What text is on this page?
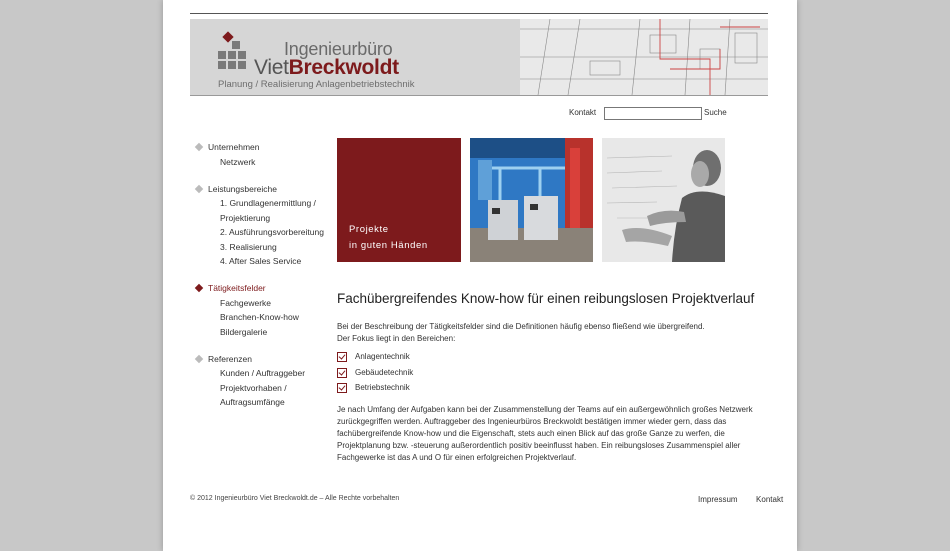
Ingenieurbüro
VietBreckwoldt
Planung / Realisierung Anlagenbetriebstechnik
Kontakt	Suche
Unternehmen
Netzwerk
Leistungsbereiche
1. Grundlagenermittlung /
Projektierung
2. Ausführungsvorbereitung
3. Realisierung
4. After Sales Service
Tätigkeitsfelder
Fachgewerke
Branchen-Know-how
Bildergalerie
Referenzen
Kunden / Auftraggeber
Projektvorhaben /
Auftragsumfänge
Projekte
in guten Händen
Fachübergreifendes Know-how für einen reibungslosen Projektverlauf
Bei der Beschreibung der Tätigkeitsfelder sind die Definitionen häufig ebenso fließend wie übergreifend.
Der Fokus liegt in den Bereichen:
Anlagentechnik
Gebäudetechnik
Betriebstechnik
Je nach Umfang der Aufgaben kann bei der Zusammenstellung der Teams auf ein außergewöhnlich großes Netzwerk
zurückgegriffen werden. Auftraggeber des Ingenieurbüros Breckwoldt bestätigen immer wieder gern, dass das
fachübergreifende Know-how und die Eigenschaft, stets auch einen Blick auf das große Ganze zu werfen, die
Projektplanung bzw. -steuerung außerordentlich positiv beeinflusst haben. Ein reibungsloses Zusammenspiel aller
Fachgewerke ist das A und O für einen erfolgreichen Projektverlauf.
© 2012 Ingenieurbüro Viet Breckwoldt.de – Alle Rechte vorbehalten	Impressum Kontakt
